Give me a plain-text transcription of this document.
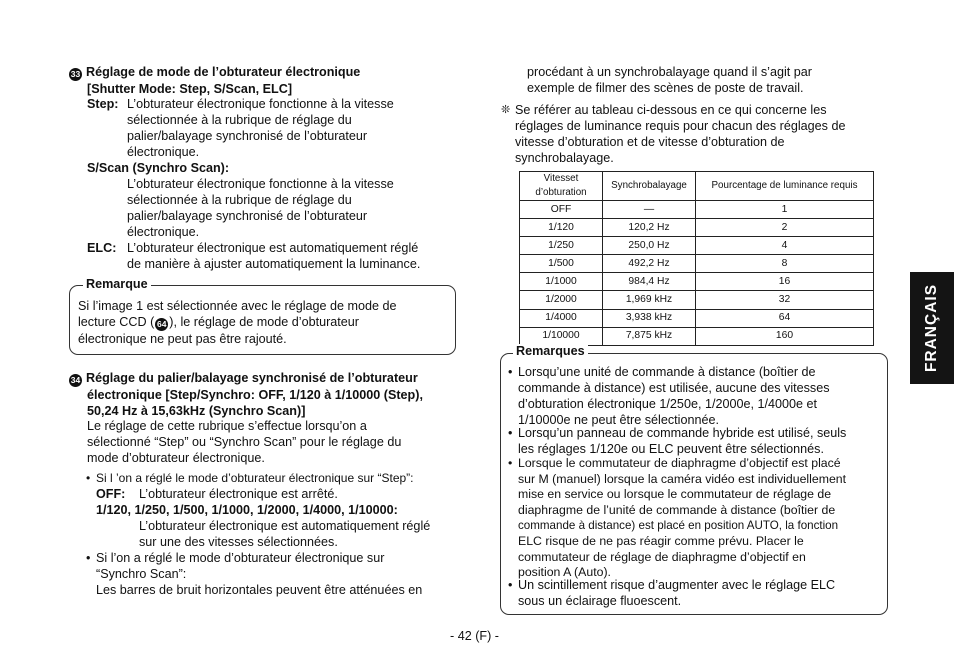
33 Réglage de mode de l’obturateur électronique
[Shutter Mode: Step, S/Scan, ELC]
Step: L’obturateur électronique fonctionne à la vitesse
sélectionnée à la rubrique de réglage du
palier/balayage synchronisé de l’obturateur
électronique.
S/Scan (Synchro Scan):
L’obturateur électronique fonctionne à la vitesse
sélectionnée à la rubrique de réglage du
palier/balayage synchronisé de l’obturateur
électronique.
ELC: L’obturateur électronique est automatiquement réglé
de manière à ajuster automatiquement la luminance.
Remarque
Si l’image 1 est sélectionnée avec le réglage de mode de
lecture CCD ( 64 ), le réglage de mode d’obturateur
électronique ne peut pas être rajouté.
34 Réglage du palier/balayage synchronisé de l’obturateur
électronique [Step/Synchro: OFF, 1/120 à 1/10000 (Step),
50,24 Hz à 15,63kHz (Synchro Scan)]
Le réglage de cette rubrique s’effectue lorsqu’on a
sélectionné “Step” ou “Synchro Scan” pour le réglage du
mode d’obturateur électronique.
• Si l ’on a réglé le mode d’obturateur électronique sur “Step”:
OFF: L’obturateur électronique est arrêté.
1/120, 1/250, 1/500, 1/1000, 1/2000, 1/4000, 1/10000:
L’obturateur électronique est automatiquement réglé
sur une des vitesses sélectionnées.
• Si l’on a réglé le mode d’obturateur électronique sur
“Synchro Scan”:
Les barres de bruit horizontales peuvent être atténuées en
procédant à un synchrobalayage quand il s’agit par
exemple de filmer des scènes de poste de travail.
❊ Se référer au tableau ci-dessous en ce qui concerne les
réglages de luminance requis pour chacun des réglages de
vitesse d’obturation et de vitesse d’obturation de
synchrobalayage.
Vitesset d’obturation	Synchrobalayage	Pourcentage de luminance requis
OFF	—	1
1/120	120,2 Hz	2
1/250	250,0 Hz	4
1/500	492,2 Hz	8
1/1000	984,4 Hz	16
1/2000	1,969 kHz	32
1/4000	3,938 kHz	64
1/10000	7,875 kHz	160
Remarques
• Lorsqu’une unité de commande à distance (boîtier de
commande à distance) est utilisée, aucune des vitesses
d’obturation électronique 1/250e, 1/2000e, 1/4000e et
1/10000e ne peut être sélectionnée.
• Lorsqu’un panneau de commande hybride est utilisé, seuls
les réglages 1/120e ou ELC peuvent être sélectionnés.
• Lorsque le commutateur de diaphragme d’objectif est placé
sur M (manuel) lorsque la caméra vidéo est individuellement
mise en service ou lorsque le commutateur de réglage de
diaphragme de l’unité de commande à distance (boîtier de
commande à distance) est placé en position AUTO, la fonction
ELC risque de ne pas réagir comme prévu. Placer le
commutateur de réglage de diaphragme d’objectif en
position A (Auto).
• Un scintillement risque d’augmenter avec le réglage ELC
sous un éclairage fluoescent.
FRANÇAIS
- 42 (F) -
